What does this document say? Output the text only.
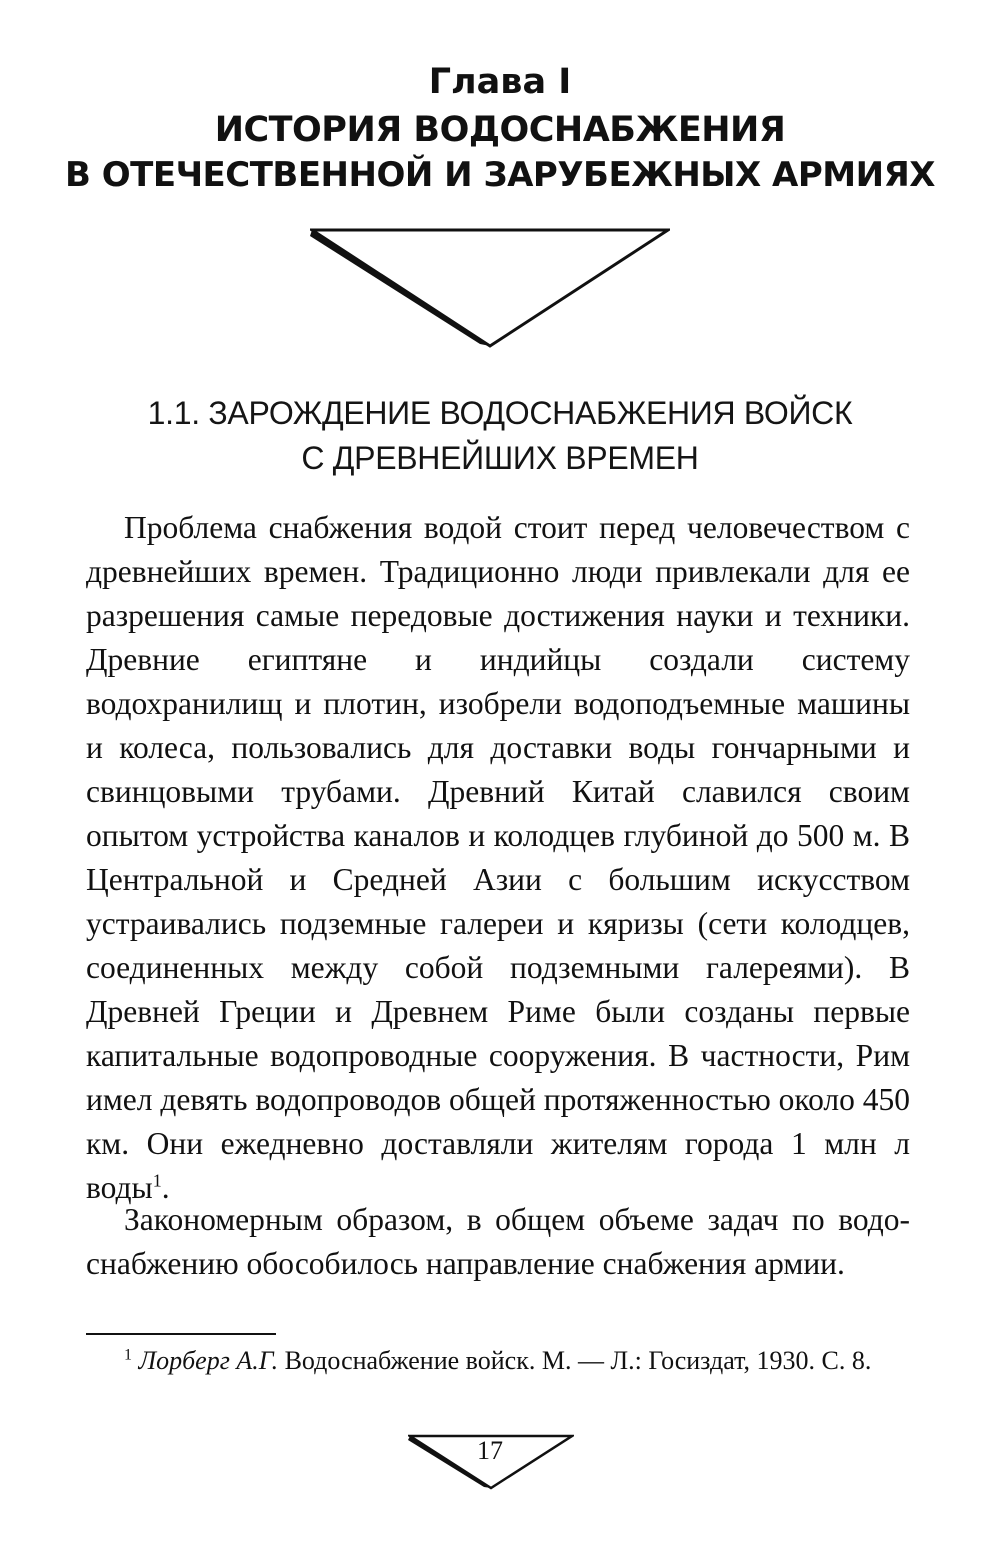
Глава I
ИСТОРИЯ ВОДОСНАБЖЕНИЯ
В ОТЕЧЕСТВЕННОЙ И ЗАРУБЕЖНЫХ АРМИЯХ
1.1. ЗАРОЖДЕНИЕ ВОДОСНАБЖЕНИЯ ВОЙСК
С ДРЕВНЕЙШИХ ВРЕМЕН
Проблема снабжения водой стоит перед человечеством с древнейших времен. Традиционно люди привлекали для ее разрешения самые передовые достижения науки и техники. Древние египтяне и индийцы создали систему водохранилищ и плотин, изобрели водоподъемные машины и колеса, пользовались для доставки воды гончарными и свинцовыми трубами. Древний Китай славился своим опытом устройства каналов и колодцев глубиной до 500 м. В Центральной и Средней Азии с большим искусством устраивались подземные галереи и кяризы (сети колодцев, соединенных между собой подземными галереями). В Древней Греции и Древнем Риме были созданы первые капитальные водопроводные сооружения. В частности, Рим имел девять водопроводов общей протяженностью около 450 км. Они ежедневно доставляли жителям города 1 млн л воды$^1$.
Закономерным образом, в общем объеме задач по водоснабжению обособилось направление снабжения армии.
$^1$ Лорберг А.Г. Водоснабжение войск. М. — Л.: Госиздат, 1930. С. 8.
17
